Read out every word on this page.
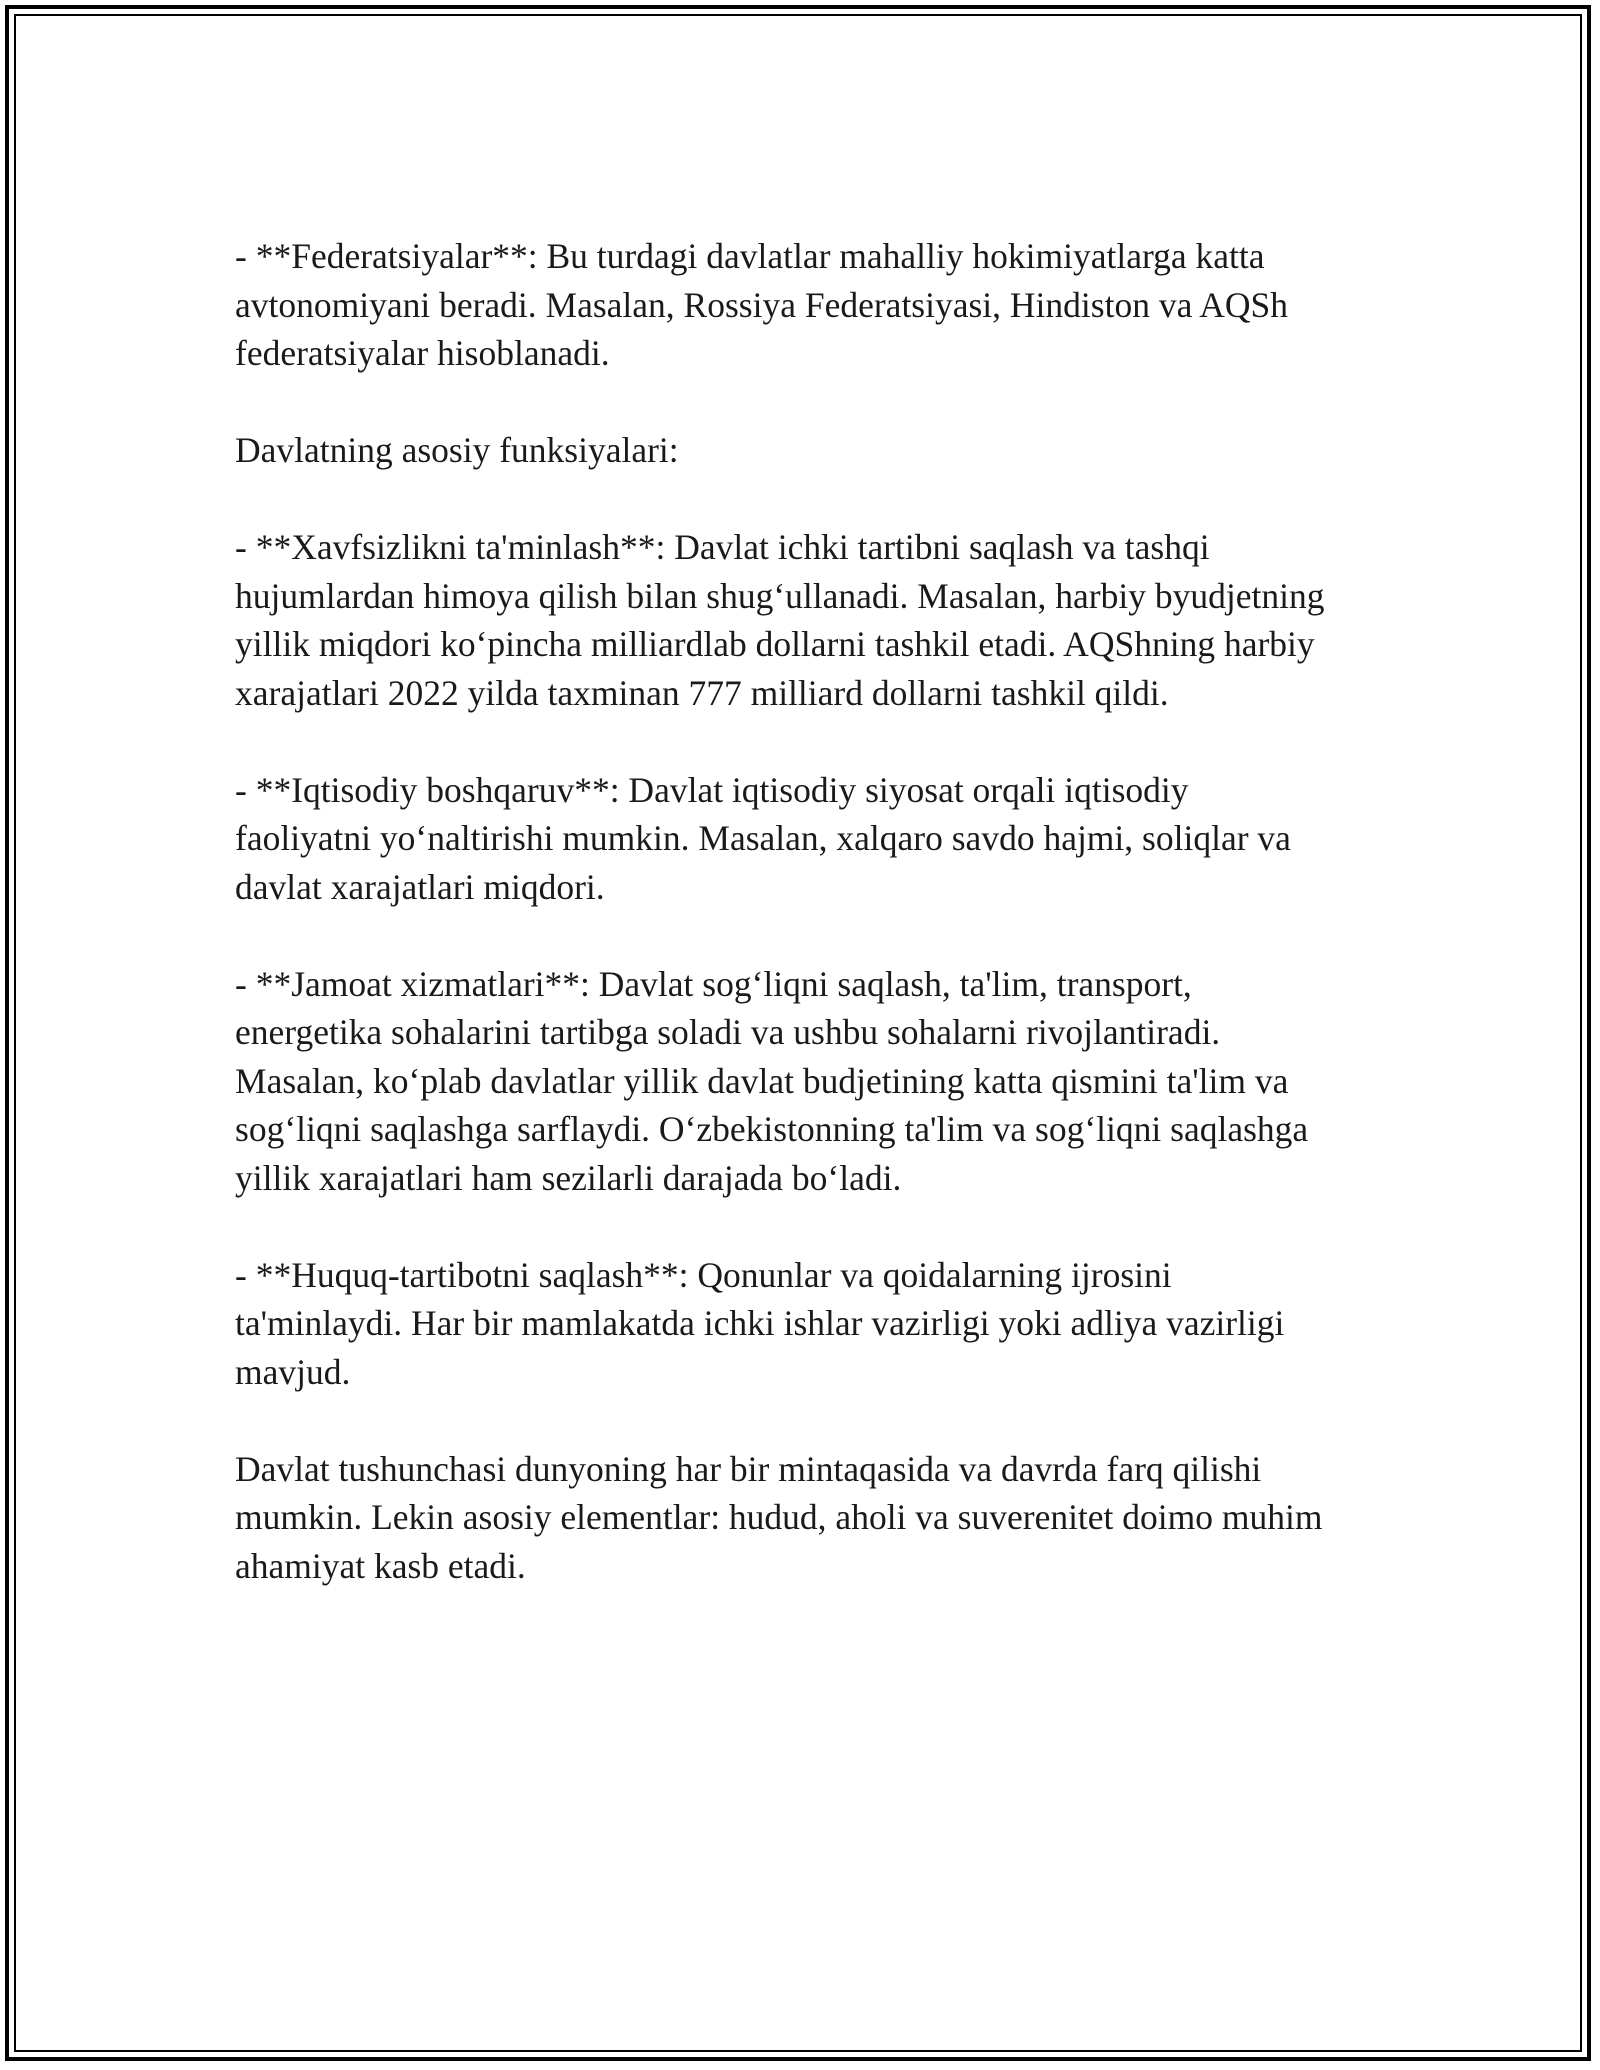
- **Federatsiyalar**: Bu turdagi davlatlar mahalliy hokimiyatlarga katta
avtonomiyani beradi. Masalan, Rossiya Federatsiyasi, Hindiston va AQSh
federatsiyalar hisoblanadi.

Davlatning asosiy funksiyalari:

- **Xavfsizlikni ta'minlash**: Davlat ichki tartibni saqlash va tashqi
hujumlardan himoya qilish bilan shug‘ullanadi. Masalan, harbiy byudjetning
yillik miqdori ko‘pincha milliardlab dollarni tashkil etadi. AQShning harbiy
xarajatlari 2022 yilda taxminan 777 milliard dollarni tashkil qildi.

- **Iqtisodiy boshqaruv**: Davlat iqtisodiy siyosat orqali iqtisodiy
faoliyatni yo‘naltirishi mumkin. Masalan, xalqaro savdo hajmi, soliqlar va
davlat xarajatlari miqdori.

- **Jamoat xizmatlari**: Davlat sog‘liqni saqlash, ta'lim, transport,
energetika sohalarini tartibga soladi va ushbu sohalarni rivojlantiradi.
Masalan, ko‘plab davlatlar yillik davlat budjetining katta qismini ta'lim va
sog‘liqni saqlashga sarflaydi. O‘zbekistonning ta'lim va sog‘liqni saqlashga
yillik xarajatlari ham sezilarli darajada bo‘ladi.

- **Huquq-tartibotni saqlash**: Qonunlar va qoidalarning ijrosini
ta'minlaydi. Har bir mamlakatda ichki ishlar vazirligi yoki adliya vazirligi
mavjud.

Davlat tushunchasi dunyoning har bir mintaqasida va davrda farq qilishi
mumkin. Lekin asosiy elementlar: hudud, aholi va suverenitet doimo muhim
ahamiyat kasb etadi.
